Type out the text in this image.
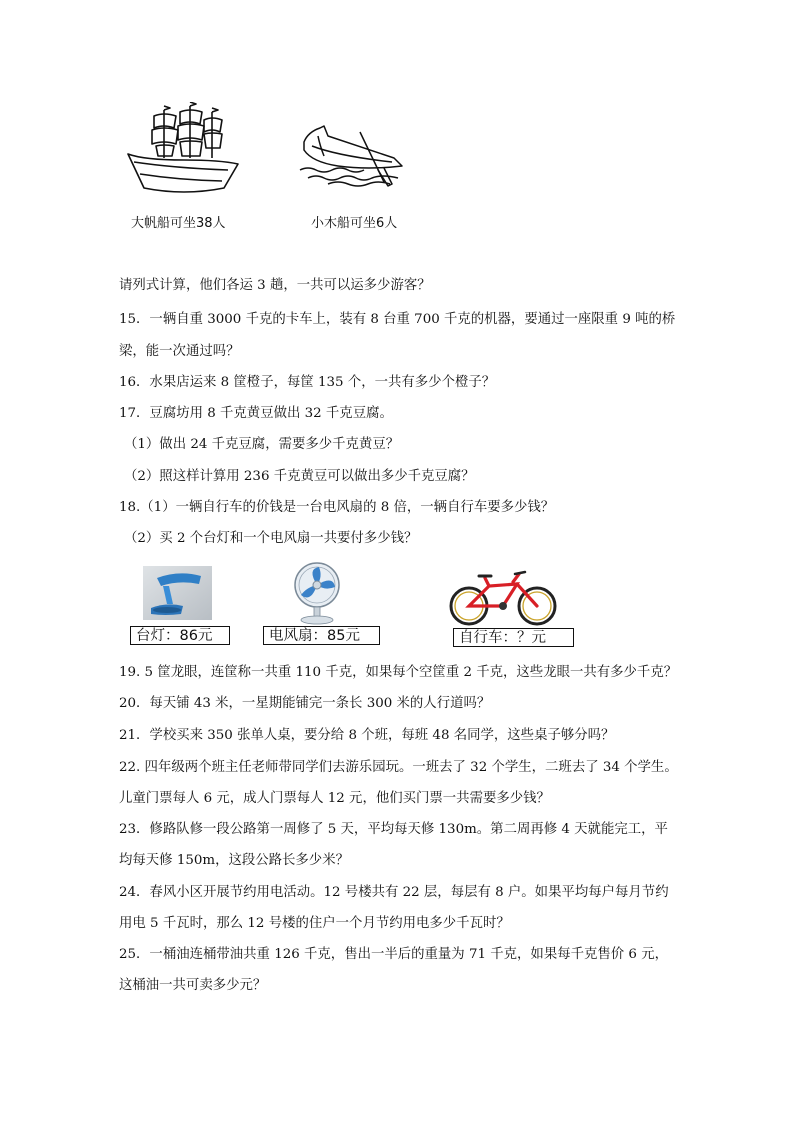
大帆船可坐38人	小木船可坐6人
请列式计算，他们各运 3 趟，一共可以运多少游客？
15．一辆自重 3000 千克的卡车上，装有 8 台重 700 千克的机器，要通过一座限重 9 吨的桥
梁，能一次通过吗？
16．水果店运来 8 筐橙子，每筐 135 个，一共有多少个橙子？
17．豆腐坊用 8 千克黄豆做出 32 千克豆腐。
（1）做出 24 千克豆腐，需要多少千克黄豆？
（2）照这样计算用 236 千克黄豆可以做出多少千克豆腐？
18.（1）一辆自行车的价钱是一台电风扇的 8 倍，一辆自行车要多少钱？
（2）买 2 个台灯和一个电风扇一共要付多少钱？
台灯：86元	电风扇：85元	自行车：？元
19. 5 筐龙眼，连筐称一共重 110 千克，如果每个空筐重 2 千克，这些龙眼一共有多少千克？
20．每天铺 43 米，一星期能铺完一条长 300 米的人行道吗？
21．学校买来 350 张单人桌，要分给 8 个班，每班 48 名同学，这些桌子够分吗？
22. 四年级两个班主任老师带同学们去游乐园玩。一班去了 32 个学生，二班去了 34 个学生。
儿童门票每人 6 元，成人门票每人 12 元，他们买门票一共需要多少钱？
23．修路队修一段公路第一周修了 5 天，平均每天修 130m。第二周再修 4 天就能完工，平
均每天修 150m，这段公路长多少米？
24．春风小区开展节约用电活动。12 号楼共有 22 层，每层有 8 户。如果平均每户每月节约
用电 5 千瓦时，那么 12 号楼的住户一个月节约用电多少千瓦时？
25．一桶油连桶带油共重 126 千克，售出一半后的重量为 71 千克，如果每千克售价 6 元，
这桶油一共可卖多少元？
